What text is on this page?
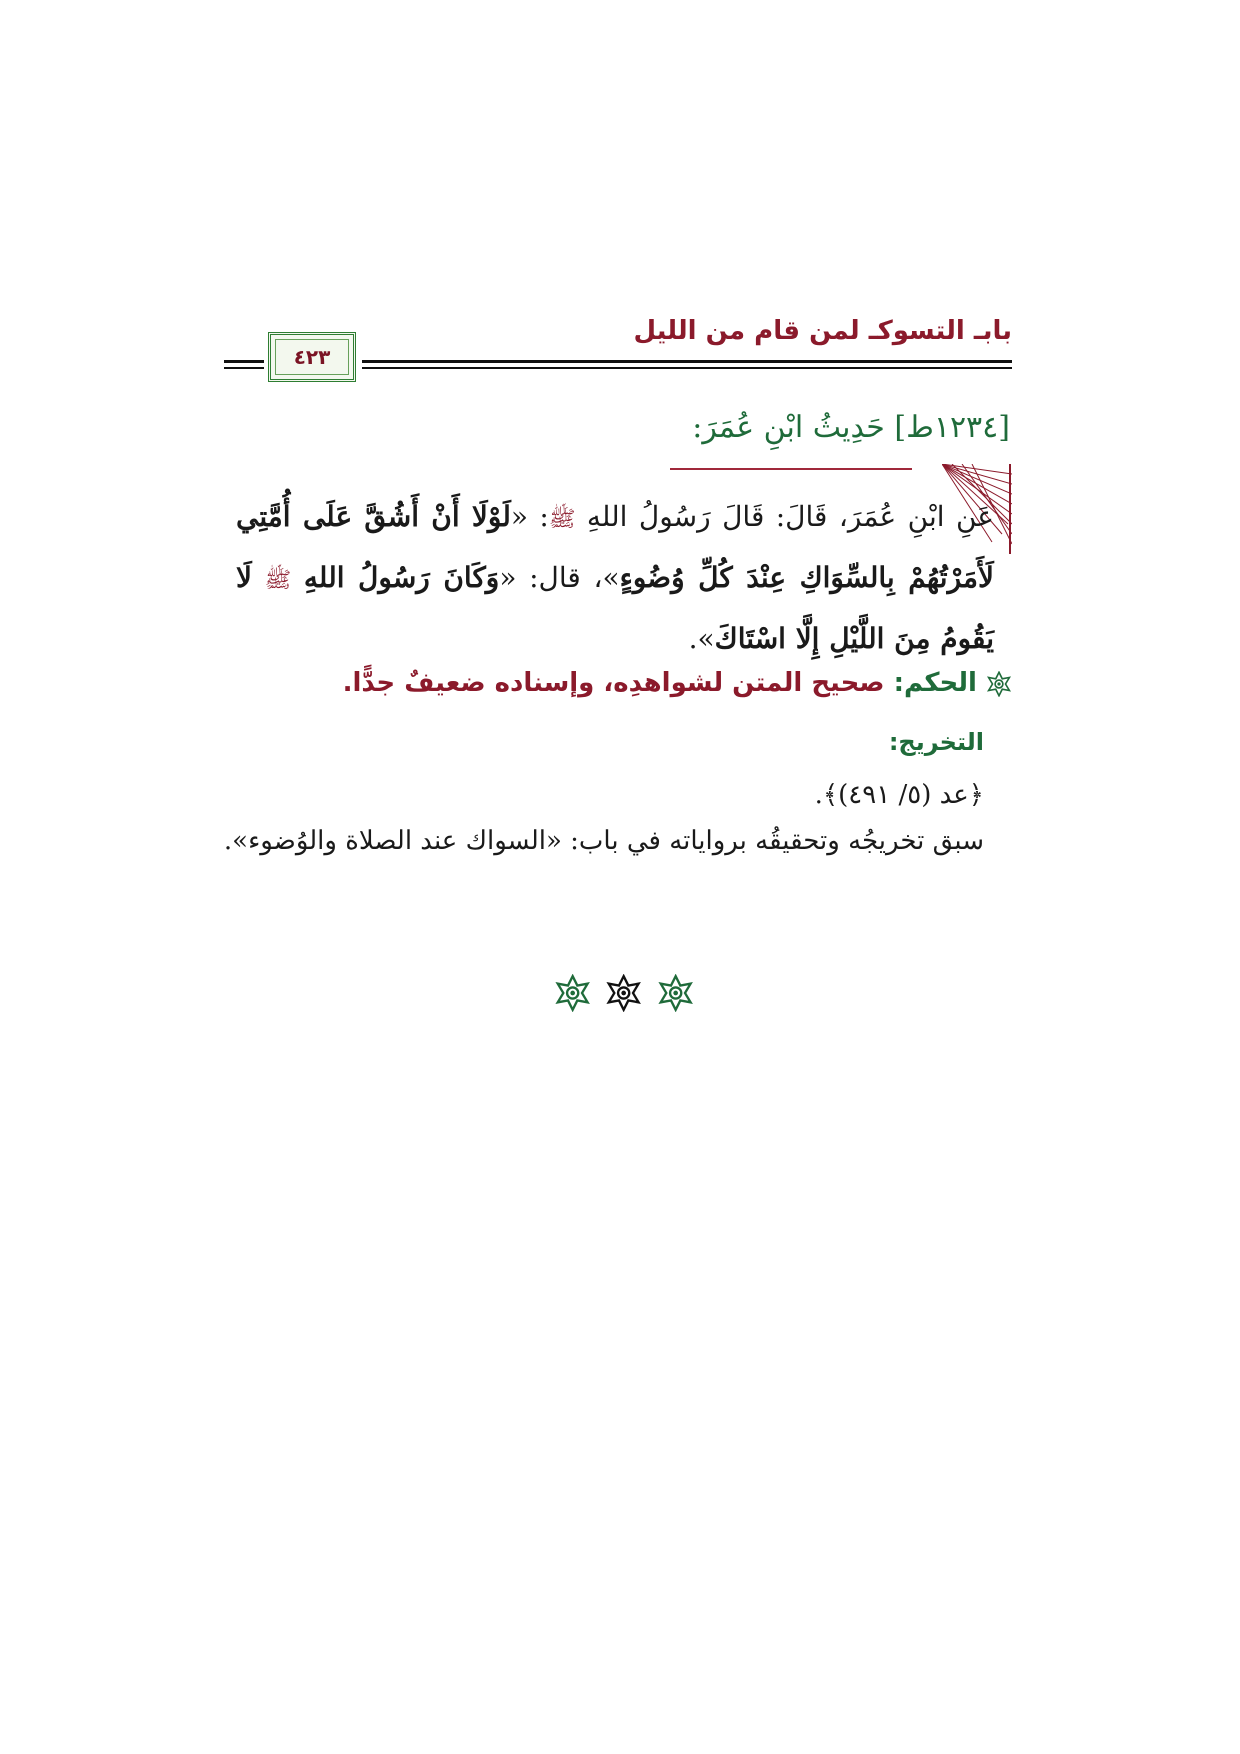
بابـ التسوكـ لمن قام من الليل
٤٢٣
[١٢٣٤ط] حَدِيثُ ابْنِ عُمَرَ:
عَنِ ابْنِ عُمَرَ، قَالَ: قَالَ رَسُولُ اللهِ ﷺ: «لَوْلَا أَنْ أَشُقَّ عَلَى أُمَّتِي لَأَمَرْتُهُمْ بِالسِّوَاكِ عِنْدَ كُلِّ وُضُوءٍ»، قال: «وَكَانَ رَسُولُ اللهِ ﷺ لَا يَقُومُ مِنَ اللَّيْلِ إِلَّا اسْتَاكَ».
الحكم: صحيح المتن لشواهدِه، وإسناده ضعيفٌ جدًّا.
التخريج:
﴿عد (٥/ ٤٩١)﴾.
سبق تخريجُه وتحقيقُه برواياته في باب: «السواك عند الصلاة والوُضوء».
